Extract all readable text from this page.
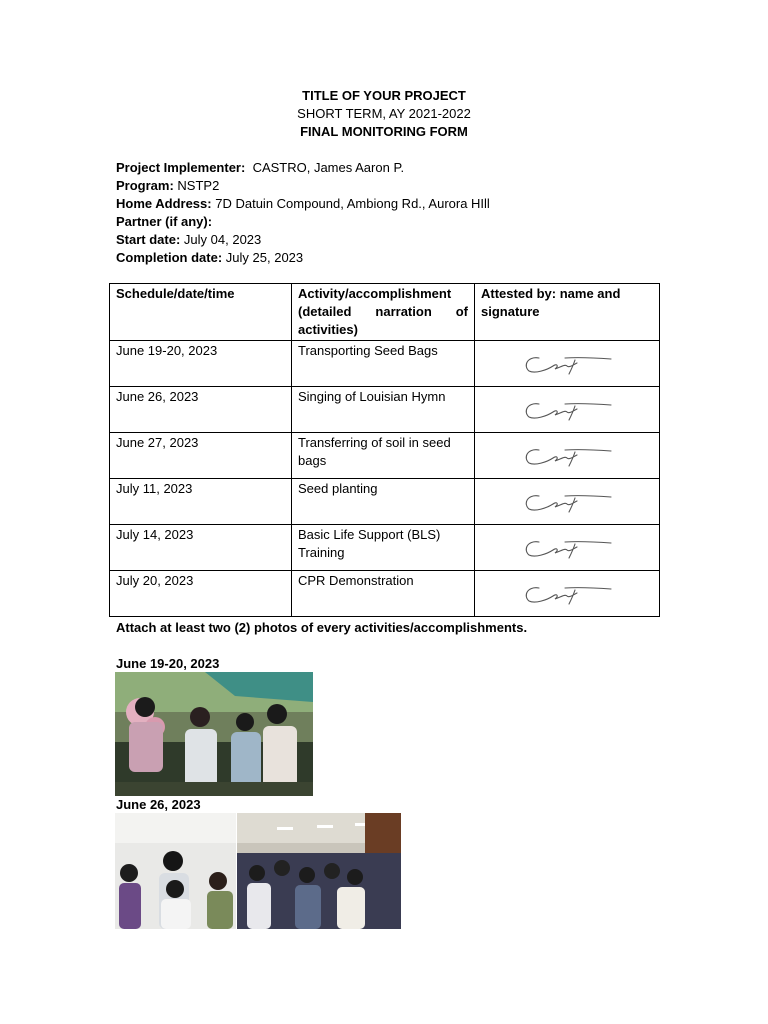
TITLE OF YOUR PROJECT
SHORT TERM, AY 2021-2022
FINAL MONITORING FORM
Project Implementer: CASTRO, James Aaron P.
Program: NSTP2
Home Address: 7D Datuin Compound, Ambiong Rd., Aurora HIll
Partner (if any):
Start date: July 04, 2023
Completion date: July 25, 2023
Schedule/date/time	Activity/accomplishment (detailed narration of activities)	Attested by: name and signature
June 19-20, 2023	Transporting Seed Bags	

June 26, 2023	Singing of Louisian Hymn	

June 27, 2023	Transferring of soil in seed bags	

July 11, 2023	Seed planting	

July 14, 2023	Basic Life Support (BLS) Training	

July 20, 2023	CPR Demonstration	
Attach at least two (2) photos of every activities/accomplishments.
June 19-20, 2023
June 26, 2023
